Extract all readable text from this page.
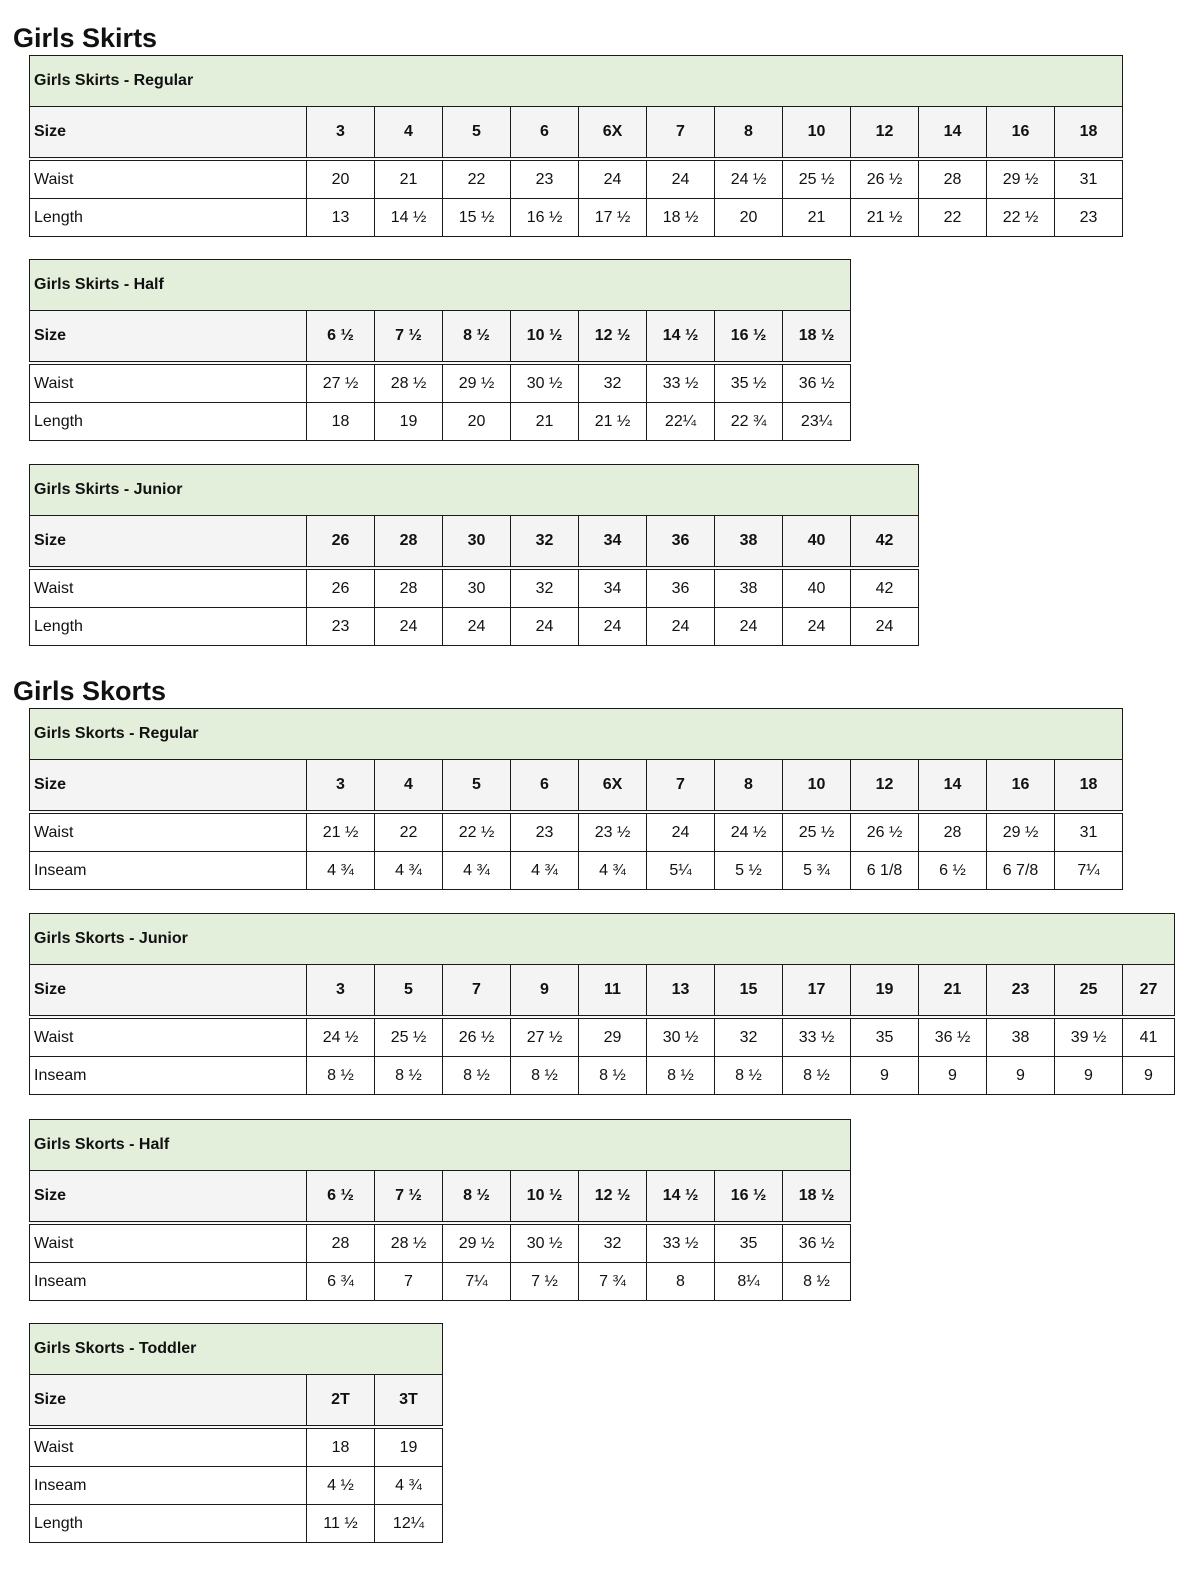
Girls Skirts
Girls Skirts - Regular												
Size	3	4	5	6	6X	7	8	10	12	14	16	18
Waist	20	21	22	23	24	24	24 ½	25 ½	26 ½	28	29 ½	31
Length	13	14 ½	15 ½	16 ½	17 ½	18 ½	20	21	21 ½	22	22 ½	23
Girls Skirts - Half								
Size	6 ½	7 ½	8 ½	10 ½	12 ½	14 ½	16 ½	18 ½
Waist	27 ½	28 ½	29 ½	30 ½	32	33 ½	35 ½	36 ½
Length	18	19	20	21	21 ½	22¼	22 ¾	23¼
Girls Skirts - Junior									
Size	26	28	30	32	34	36	38	40	42
Waist	26	28	30	32	34	36	38	40	42
Length	23	24	24	24	24	24	24	24	24
Girls Skorts
Girls Skorts - Regular												
Size	3	4	5	6	6X	7	8	10	12	14	16	18
Waist	21 ½	22	22 ½	23	23 ½	24	24 ½	25 ½	26 ½	28	29 ½	31
Inseam	4 ¾	4 ¾	4 ¾	4 ¾	4 ¾	5¼	5 ½	5 ¾	6 1/8	6 ½	6 7/8	7¼
Girls Skorts - Junior													
Size	3	5	7	9	11	13	15	17	19	21	23	25	27
Waist	24 ½	25 ½	26 ½	27 ½	29	30 ½	32	33 ½	35	36 ½	38	39 ½	41
Inseam	8 ½	8 ½	8 ½	8 ½	8 ½	8 ½	8 ½	8 ½	9	9	9	9	9
Girls Skorts - Half								
Size	6 ½	7 ½	8 ½	10 ½	12 ½	14 ½	16 ½	18 ½
Waist	28	28 ½	29 ½	30 ½	32	33 ½	35	36 ½
Inseam	6 ¾	7	7¼	7 ½	7 ¾	8	8¼	8 ½
Girls Skorts - Toddler		
Size	2T	3T
Waist	18	19
Inseam	4 ½	4 ¾
Length	11 ½	12¼
